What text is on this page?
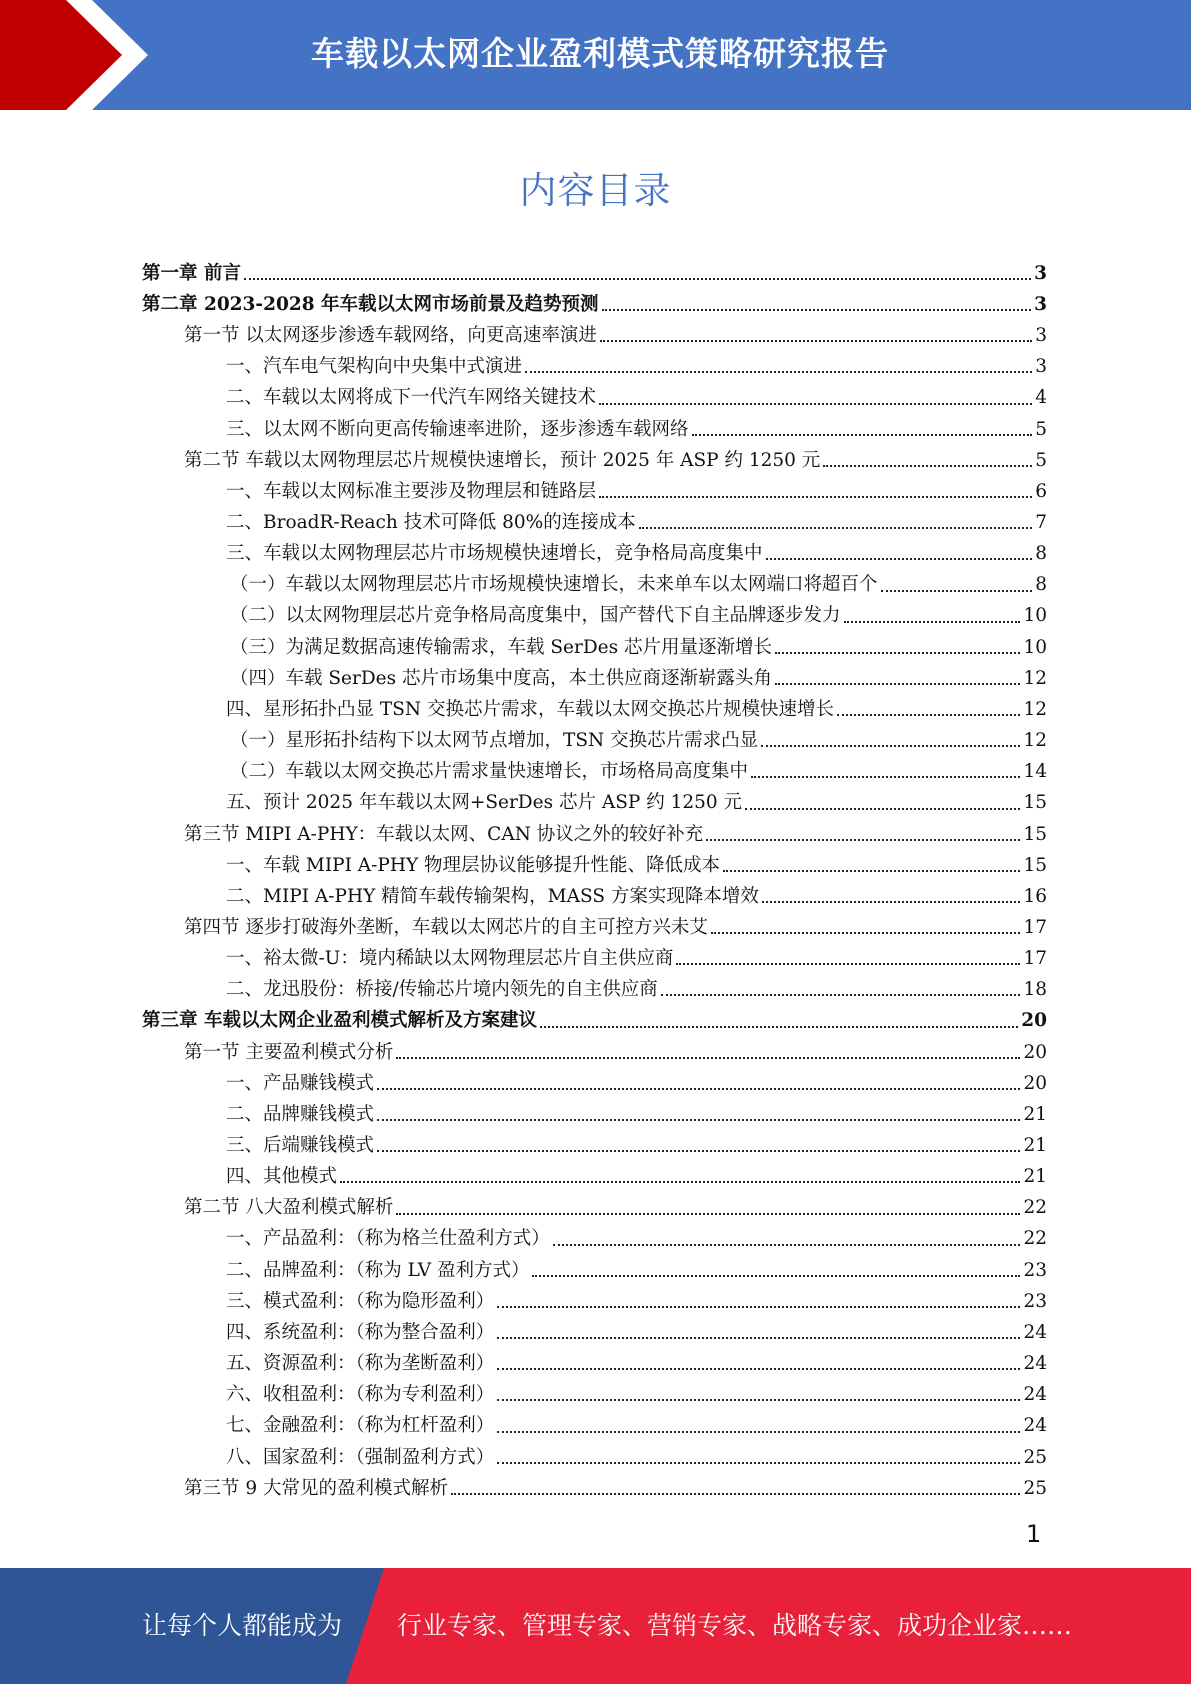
车载以太网企业盈利模式策略研究报告
内容目录
第一章 前言	3
第二章 2023-2028 年车载以太网市场前景及趋势预测	3
第一节 以太网逐步渗透车载网络，向更高速率演进	3
一、汽车电气架构向中央集中式演进	3
二、车载以太网将成下一代汽车网络关键技术	4
三、以太网不断向更高传输速率进阶，逐步渗透车载网络	5
第二节 车载以太网物理层芯片规模快速增长，预计 2025 年 ASP 约 1250 元	5
一、车载以太网标准主要涉及物理层和链路层	6
二、BroadR-Reach 技术可降低 80%的连接成本	7
三、车载以太网物理层芯片市场规模快速增长，竞争格局高度集中	8
（一）车载以太网物理层芯片市场规模快速增长，未来单车以太网端口将超百个	8
（二）以太网物理层芯片竞争格局高度集中，国产替代下自主品牌逐步发力	10
（三）为满足数据高速传输需求，车载 SerDes 芯片用量逐渐增长	10
（四）车载 SerDes 芯片市场集中度高，本土供应商逐渐崭露头角	12
四、星形拓扑凸显 TSN 交换芯片需求，车载以太网交换芯片规模快速增长	12
（一）星形拓扑结构下以太网节点增加，TSN 交换芯片需求凸显	12
（二）车载以太网交换芯片需求量快速增长，市场格局高度集中	14
五、预计 2025 年车载以太网+SerDes 芯片 ASP 约 1250 元	15
第三节 MIPI A-PHY：车载以太网、CAN 协议之外的较好补充	15
一、车载 MIPI A-PHY 物理层协议能够提升性能、降低成本	15
二、MIPI A-PHY 精简车载传输架构，MASS 方案实现降本增效	16
第四节 逐步打破海外垄断，车载以太网芯片的自主可控方兴未艾	17
一、裕太微-U：境内稀缺以太网物理层芯片自主供应商	17
二、龙迅股份：桥接/传输芯片境内领先的自主供应商	18
第三章 车载以太网企业盈利模式解析及方案建议	20
第一节 主要盈利模式分析	20
一、产品赚钱模式	20
二、品牌赚钱模式	21
三、后端赚钱模式	21
四、其他模式	21
第二节 八大盈利模式解析	22
一、产品盈利：（称为格兰仕盈利方式）	22
二、品牌盈利：（称为 LV 盈利方式）	23
三、模式盈利：（称为隐形盈利）	23
四、系统盈利：（称为整合盈利）	24
五、资源盈利：（称为垄断盈利）	24
六、收租盈利：（称为专利盈利）	24
七、金融盈利：（称为杠杆盈利）	24
八、国家盈利：（强制盈利方式）	25
第三节 9 大常见的盈利模式解析	25
1
让每个人都能成为 行业专家、管理专家、营销专家、战略专家、成功企业家……
